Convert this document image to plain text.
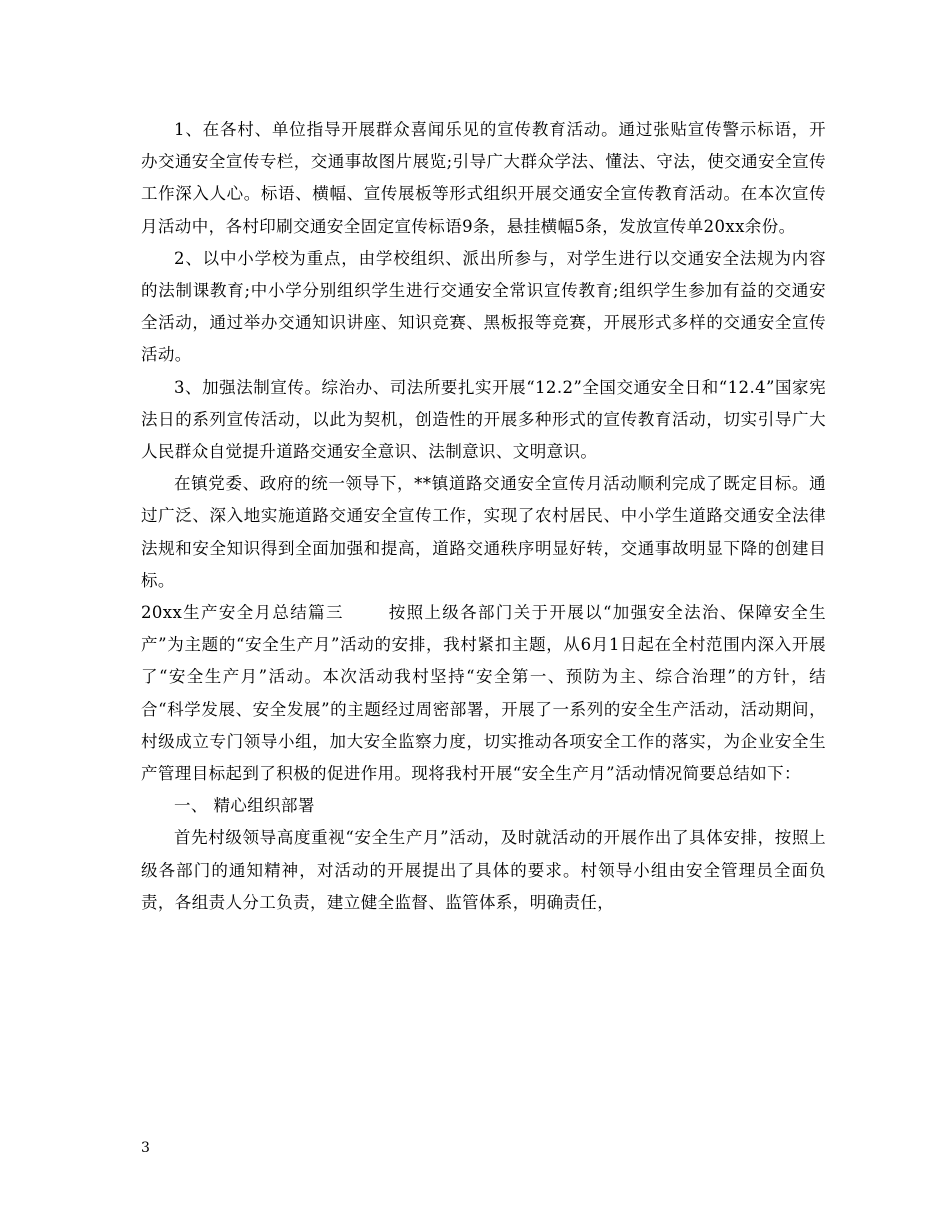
1、在各村、单位指导开展群众喜闻乐见的宣传教育活动。通过张贴宣传警示标语，开办交通安全宣传专栏，交通事故图片展览;引导广大群众学法、懂法、守法，使交通安全宣传工作深入人心。标语、横幅、宣传展板等形式组织开展交通安全宣传教育活动。在本次宣传月活动中，各村印刷交通安全固定宣传标语9条，悬挂横幅5条，发放宣传单20xx余份。

2、以中小学校为重点，由学校组织、派出所参与，对学生进行以交通安全法规为内容的法制课教育;中小学分别组织学生进行交通安全常识宣传教育;组织学生参加有益的交通安全活动，通过举办交通知识讲座、知识竞赛、黑板报等竞赛，开展形式多样的交通安全宣传活动。

3、加强法制宣传。综治办、司法所要扎实开展“12.2”全国交通安全日和“12.4”国家宪法日的系列宣传活动，以此为契机，创造性的开展多种形式的宣传教育活动，切实引导广大人民群众自觉提升道路交通安全意识、法制意识、文明意识。

在镇党委、政府的统一领导下，**镇道路交通安全宣传月活动顺利完成了既定目标。通过广泛、深入地实施道路交通安全宣传工作，实现了农村居民、中小学生道路交通安全法律法规和安全知识得到全面加强和提高，道路交通秩序明显好转，交通事故明显下降的创建目标。

20xx生产安全月总结篇三	按照上级各部门关于开展以“加强安全法治、保障安全生产”为主题的“安全生产月”活动的安排，我村紧扣主题，从6月1日起在全村范围内深入开展了“安全生产月”活动。本次活动我村坚持“安全第一、预防为主、综合治理”的方针，结合“科学发展、安全发展”的主题经过周密部署，开展了一系列的安全生产活动，活动期间，村级成立专门领导小组，加大安全监察力度，切实推动各项安全工作的落实，为企业安全生产管理目标起到了积极的促进作用。现将我村开展“安全生产月”活动情况简要总结如下：

一、 精心组织部署

首先村级领导高度重视“安全生产月”活动，及时就活动的开展作出了具体安排，按照上级各部门的通知精神，对活动的开展提出了具体的要求。村领导小组由安全管理员全面负责，各组责人分工负责，建立健全监督、监管体系，明确责任，

3
